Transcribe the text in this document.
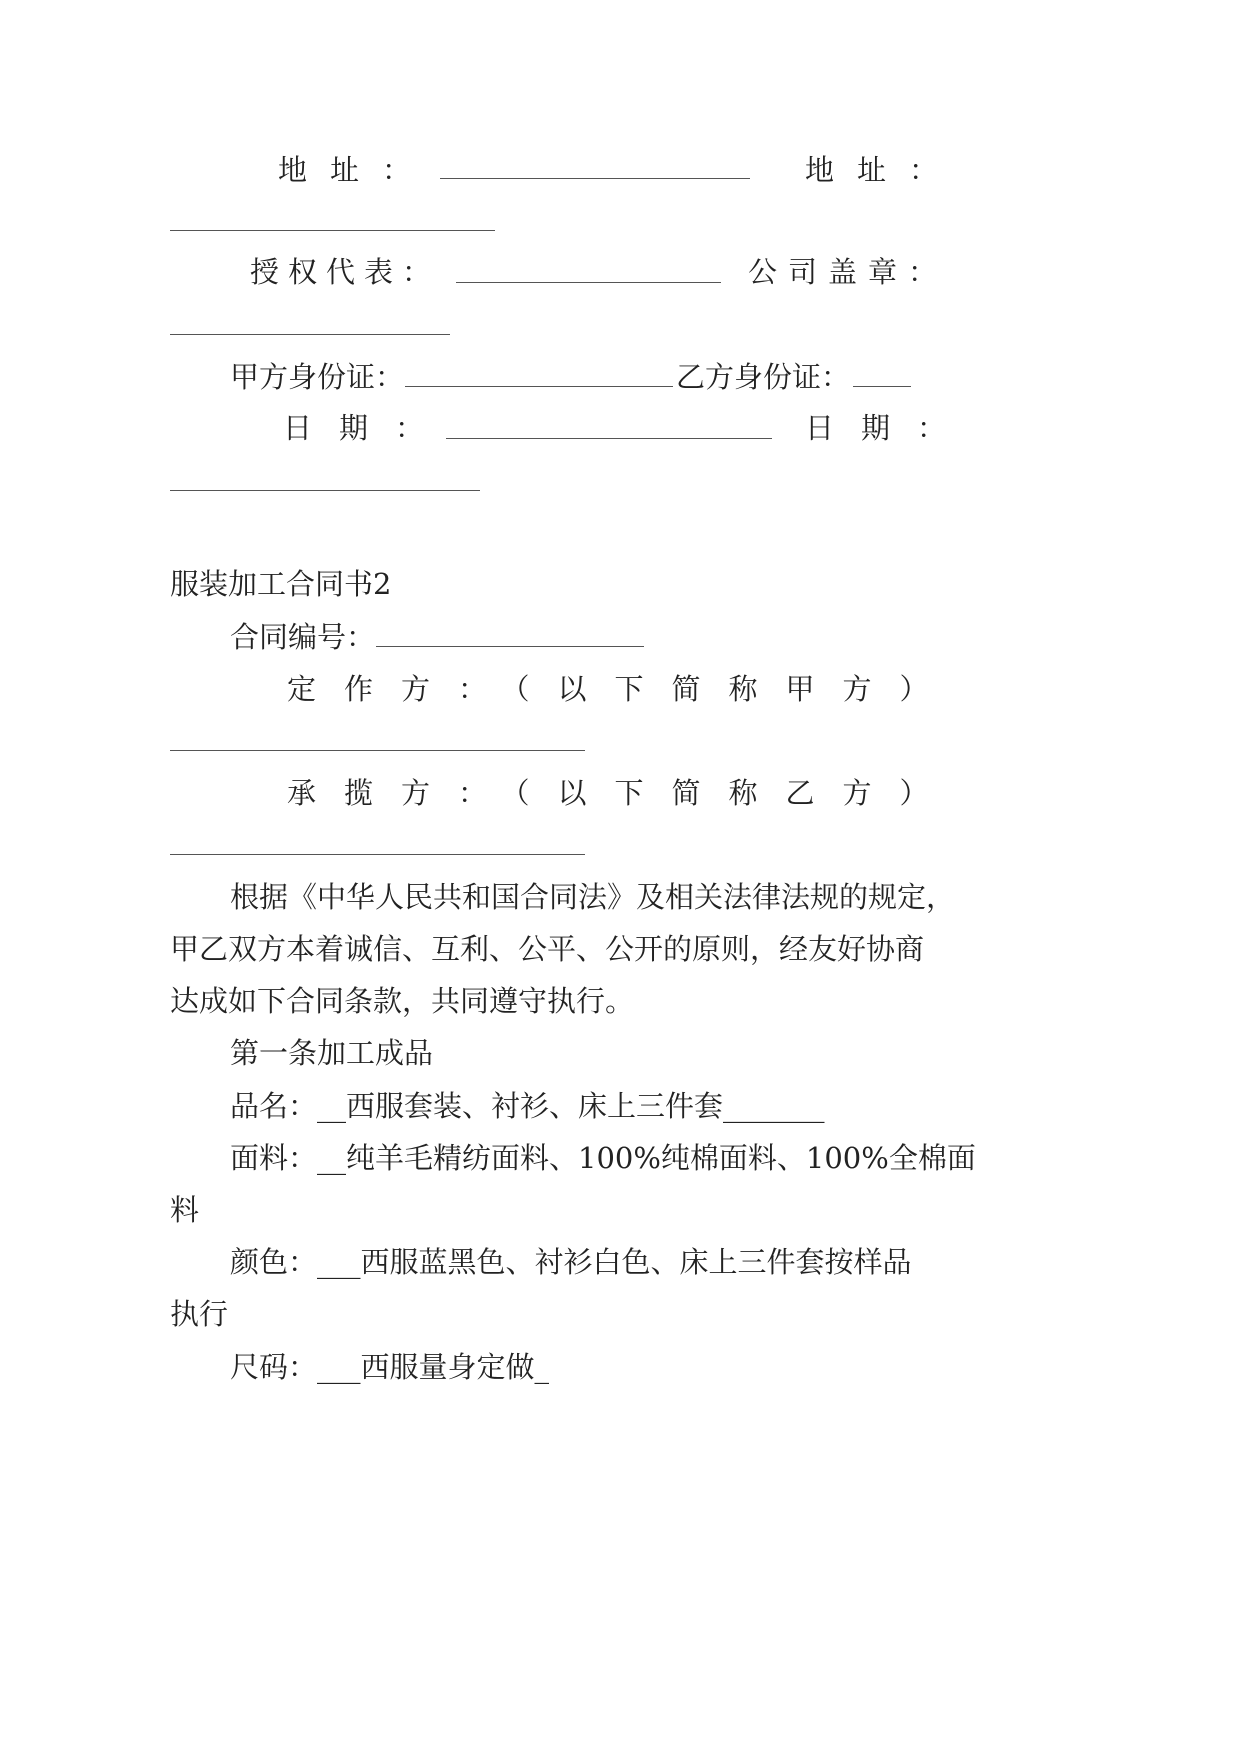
地址：	地址：
授权代表：	公司盖章：
甲方身份证：	乙方身份证：
日期：	日期：
服装加工合同书2
合同编号：
定作方：（以下简称甲方）
承揽方：（以下简称乙方）
根据《中华人民共和国合同法》及相关法律法规的规定，
甲乙双方本着诚信、互利、公平、公开的原则，经友好协商
达成如下合同条款，共同遵守执行。
第一条加工成品
品名：__西服套装、衬衫、床上三件套_______
面料：__纯羊毛精纺面料、100%纯棉面料、100%全棉面
料
颜色：___西服蓝黑色、衬衫白色、床上三件套按样品
执行
尺码：___西服量身定做_
